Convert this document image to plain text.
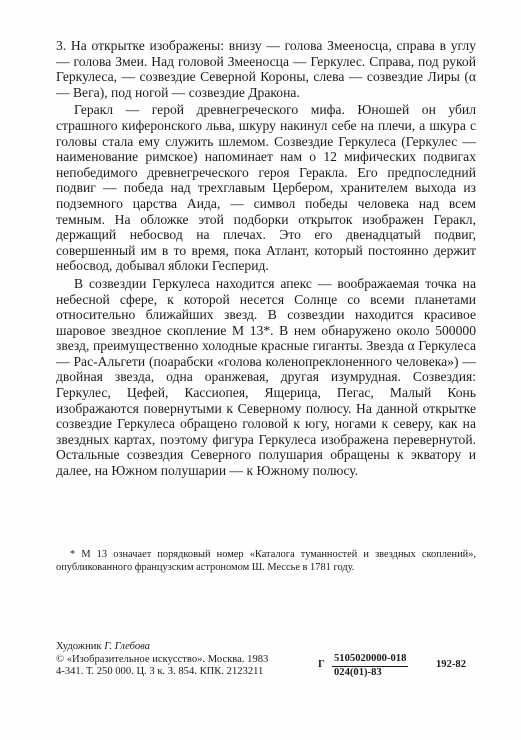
3. На открытке изображены: внизу — голова Змееносца, справа в углу — голова Змеи. Над головой Змееносца — Геркулес. Справа, под рукой Геркулеса, — созвездие Северной Короны, слева — созвездие Лиры (α — Вега), под ногой — созвездие Дракона.

Геракл — герой древнегреческого мифа. Юношей он убил страшного киферонского льва, шкуру накинул себе на плечи, а шкура с головы стала ему служить шлемом. Созвездие Геркулеса (Геркулес — наименование римское) напоминает нам о 12 мифических подвигах непобедимого древнегреческого героя Геракла. Его предпоследний подвиг — победа над трехглавым Цербером, хранителем выхода из подземного царства Аида, — символ победы человека над всем темным. На обложке этой подборки открыток изображен Геракл, держащий небосвод на плечах. Это его двенадцатый подвиг, совершенный им в то время, пока Атлант, который постоянно держит небосвод, добывал яблоки Гесперид.

В созвездии Геркулеса находится апекс — воображаемая точка на небесной сфере, к которой несется Солнце со всеми планетами относительно ближайших звезд. В созвездии находится красивое шаровое звездное скопление М 13*. В нем обнаружено около 500000 звезд, преимущественно холодные красные гиганты. Звезда α Геркулеса — Рас-Альгети (поарабски «голова коленопреклоненного человека») — двойная звезда, одна оранжевая, другая изумрудная. Созвездия: Геркулес, Цефей, Кассиопея, Ящерица, Пегас, Малый Конь изображаются повернутыми к Северному полюсу. На данной открытке созвездие Геркулеса обращено головой к югу, ногами к северу, как на звездных картах, поэтому фигура Геркулеса изображена перевернутой. Остальные созвездия Северного полушария обращены к экватору и далее, на Южном полушарии — к Южному полюсу.

* М 13 означает порядковый номер «Каталога туманностей и звездных скоплений», опубликованного французским астрономом Ш. Мессье в 1781 году.

Художник Г. Глебова
© «Изобразительное искусство». Москва. 1983
4-341. Т. 250 000. Ц. 3 к. З. 854. КПК. 2123211
Г $\frac{5105020000-018}{024(01)-83}$	192-82
